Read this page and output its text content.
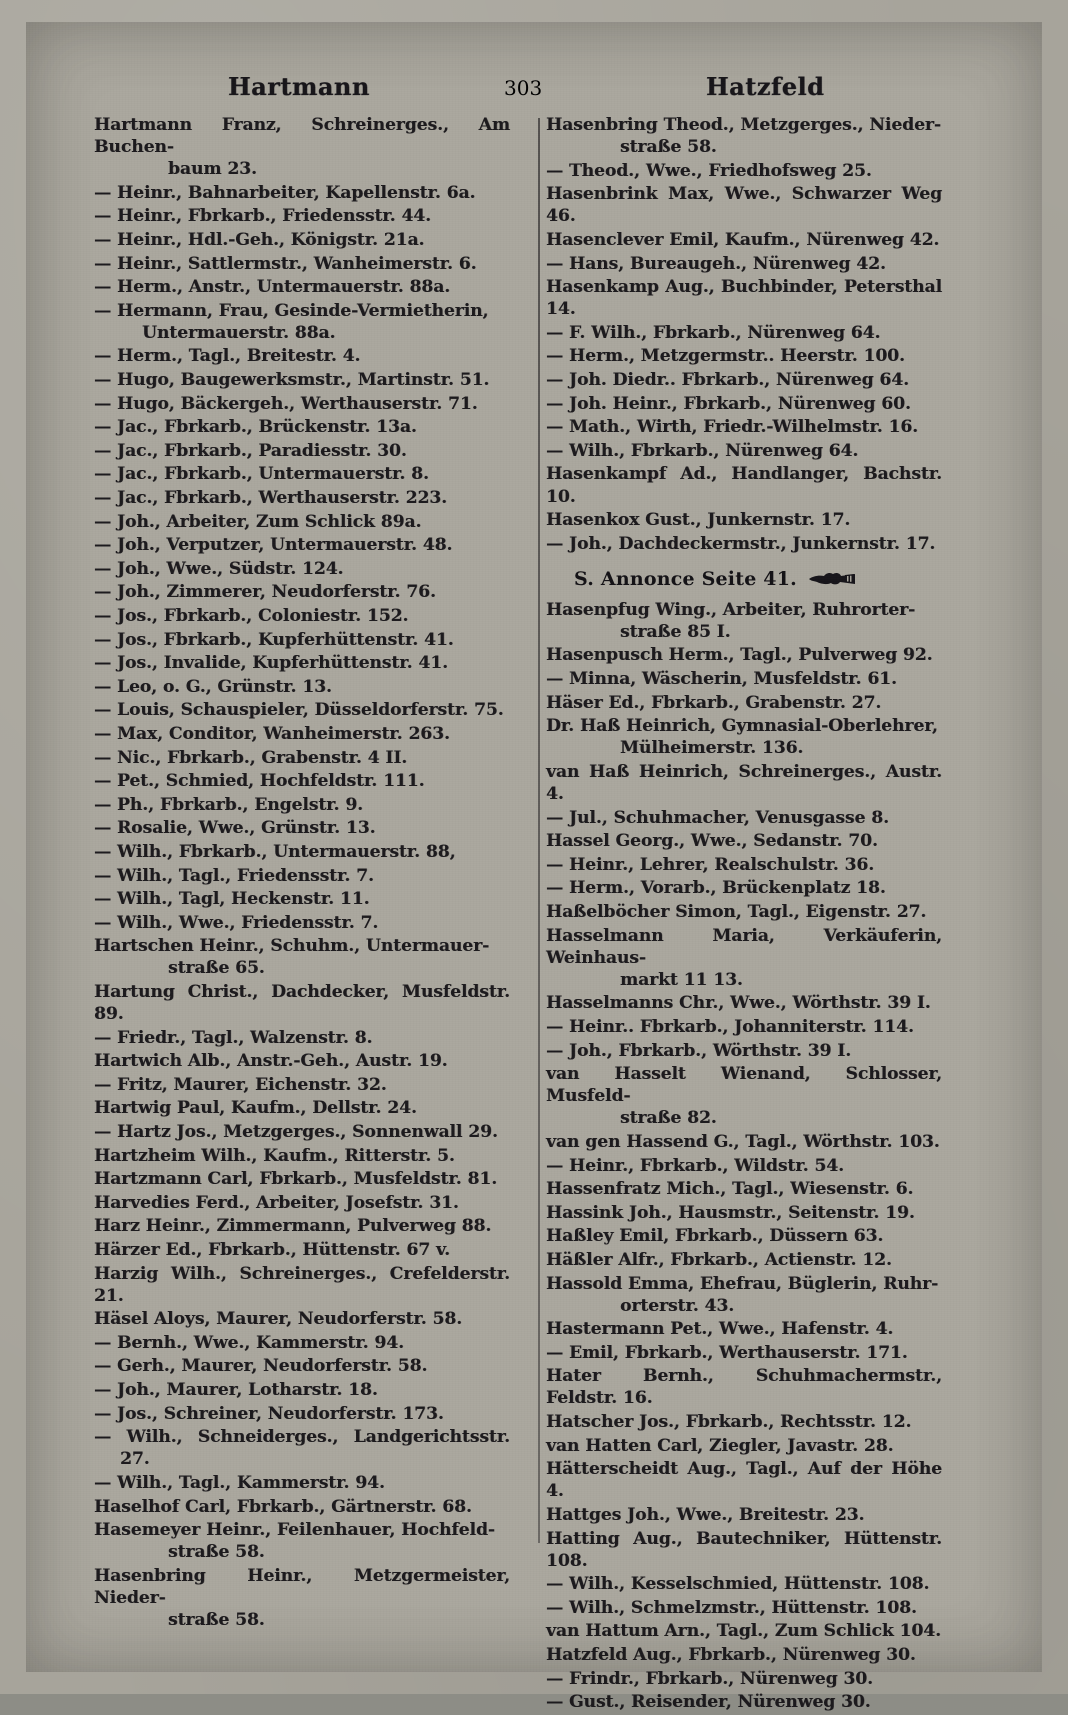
Hartmann	303	Hatzfeld

Hartmann Franz, Schreinerges., Am Buchen-
baum 23.

— Heinr., Bahnarbeiter, Kapellenstr. 6a.

— Heinr., Fbrkarb., Friedensstr. 44.

— Heinr., Hdl.-Geh., Königstr. 21a.

— Heinr., Sattlermstr., Wanheimerstr. 6.

— Herm., Anstr., Untermauerstr. 88a.

— Hermann, Frau, Gesinde-Vermietherin,
Untermauerstr. 88a.

— Herm., Tagl., Breitestr. 4.

— Hugo, Baugewerksmstr., Martinstr. 51.

— Hugo, Bäckergeh., Werthauserstr. 71.

— Jac., Fbrkarb., Brückenstr. 13a.

— Jac., Fbrkarb., Paradiesstr. 30.

— Jac., Fbrkarb., Untermauerstr. 8.

— Jac., Fbrkarb., Werthauserstr. 223.

— Joh., Arbeiter, Zum Schlick 89a.

— Joh., Verputzer, Untermauerstr. 48.

— Joh., Wwe., Südstr. 124.

— Joh., Zimmerer, Neudorferstr. 76.

— Jos., Fbrkarb., Coloniestr. 152.

— Jos., Fbrkarb., Kupferhüttenstr. 41.

— Jos., Invalide, Kupferhüttenstr. 41.

— Leo, o. G., Grünstr. 13.

— Louis, Schauspieler, Düsseldorferstr. 75.

— Max, Conditor, Wanheimerstr. 263.

— Nic., Fbrkarb., Grabenstr. 4 II.

— Pet., Schmied, Hochfeldstr. 111.

— Ph., Fbrkarb., Engelstr. 9.

— Rosalie, Wwe., Grünstr. 13.

— Wilh., Fbrkarb., Untermauerstr. 88,

— Wilh., Tagl., Friedensstr. 7.

— Wilh., Tagl, Heckenstr. 11.

— Wilh., Wwe., Friedensstr. 7.

Hartschen Heinr., Schuhm., Untermauer-
straße 65.

Hartung Christ., Dachdecker, Musfeldstr. 89.

— Friedr., Tagl., Walzenstr. 8.

Hartwich Alb., Anstr.-Geh., Austr. 19.

— Fritz, Maurer, Eichenstr. 32.

Hartwig Paul, Kaufm., Dellstr. 24.

— Hartz Jos., Metzgerges., Sonnenwall 29.

Hartzheim Wilh., Kaufm., Ritterstr. 5.

Hartzmann Carl, Fbrkarb., Musfeldstr. 81.

Harvedies Ferd., Arbeiter, Josefstr. 31.

Harz Heinr., Zimmermann, Pulverweg 88.

Härzer Ed., Fbrkarb., Hüttenstr. 67 v.

Harzig Wilh., Schreinerges., Crefelderstr. 21.

Häsel Aloys, Maurer, Neudorferstr. 58.

— Bernh., Wwe., Kammerstr. 94.

— Gerh., Maurer, Neudorferstr. 58.

— Joh., Maurer, Lotharstr. 18.

— Jos., Schreiner, Neudorferstr. 173.

— Wilh., Schneiderges., Landgerichtsstr. 27.

— Wilh., Tagl., Kammerstr. 94.

Haselhof Carl, Fbrkarb., Gärtnerstr. 68.

Hasemeyer Heinr., Feilenhauer, Hochfeld-
straße 58.

Hasenbring Heinr., Metzgermeister, Nieder-
straße 58.

Hasenbring Theod., Metzgerges., Nieder-
straße 58.

— Theod., Wwe., Friedhofsweg 25.

Hasenbrink Max, Wwe., Schwarzer Weg 46.

Hasenclever Emil, Kaufm., Nürenweg 42.

— Hans, Bureaugeh., Nürenweg 42.

Hasenkamp Aug., Buchbinder, Petersthal 14.

— F. Wilh., Fbrkarb., Nürenweg 64.

— Herm., Metzgermstr.. Heerstr. 100.

— Joh. Diedr.. Fbrkarb., Nürenweg 64.

— Joh. Heinr., Fbrkarb., Nürenweg 60.

— Math., Wirth, Friedr.-Wilhelmstr. 16.

— Wilh., Fbrkarb., Nürenweg 64.

Hasenkampf Ad., Handlanger, Bachstr. 10.

Hasenkox Gust., Junkernstr. 17.

— Joh., Dachdeckermstr., Junkernstr. 17.

S. Annonce Seite 41.

Hasenpfug Wing., Arbeiter, Ruhrorter-
straße 85 I.

Hasenpusch Herm., Tagl., Pulverweg 92.

— Minna, Wäscherin, Musfeldstr. 61.

Häser Ed., Fbrkarb., Grabenstr. 27.

Dr. Haß Heinrich, Gymnasial-Oberlehrer,
Mülheimerstr. 136.

van Haß Heinrich, Schreinerges., Austr. 4.

— Jul., Schuhmacher, Venusgasse 8.

Hassel Georg., Wwe., Sedanstr. 70.

— Heinr., Lehrer, Realschulstr. 36.

— Herm., Vorarb., Brückenplatz 18.

Haßelböcher Simon, Tagl., Eigenstr. 27.

Hasselmann Maria, Verkäuferin, Weinhaus-
markt 11 13.

Hasselmanns Chr., Wwe., Wörthstr. 39 I.

— Heinr.. Fbrkarb., Johanniterstr. 114.

— Joh., Fbrkarb., Wörthstr. 39 I.

van Hasselt Wienand, Schlosser, Musfeld-
straße 82.

van gen Hassend G., Tagl., Wörthstr. 103.

— Heinr., Fbrkarb., Wildstr. 54.

Hassenfratz Mich., Tagl., Wiesenstr. 6.

Hassink Joh., Hausmstr., Seitenstr. 19.

Haßley Emil, Fbrkarb., Düssern 63.

Häßler Alfr., Fbrkarb., Actienstr. 12.

Hassold Emma, Ehefrau, Büglerin, Ruhr-
orterstr. 43.

Hastermann Pet., Wwe., Hafenstr. 4.

— Emil, Fbrkarb., Werthauserstr. 171.

Hater Bernh., Schuhmachermstr., Feldstr. 16.

Hatscher Jos., Fbrkarb., Rechtsstr. 12.

van Hatten Carl, Ziegler, Javastr. 28.

Hätterscheidt Aug., Tagl., Auf der Höhe 4.

Hattges Joh., Wwe., Breitestr. 23.

Hatting Aug., Bautechniker, Hüttenstr. 108.

— Wilh., Kesselschmied, Hüttenstr. 108.

— Wilh., Schmelzmstr., Hüttenstr. 108.

van Hattum Arn., Tagl., Zum Schlick 104.

Hatzfeld Aug., Fbrkarb., Nürenweg 30.

— Frindr., Fbrkarb., Nürenweg 30.

— Gust., Reisender, Nürenweg 30.
